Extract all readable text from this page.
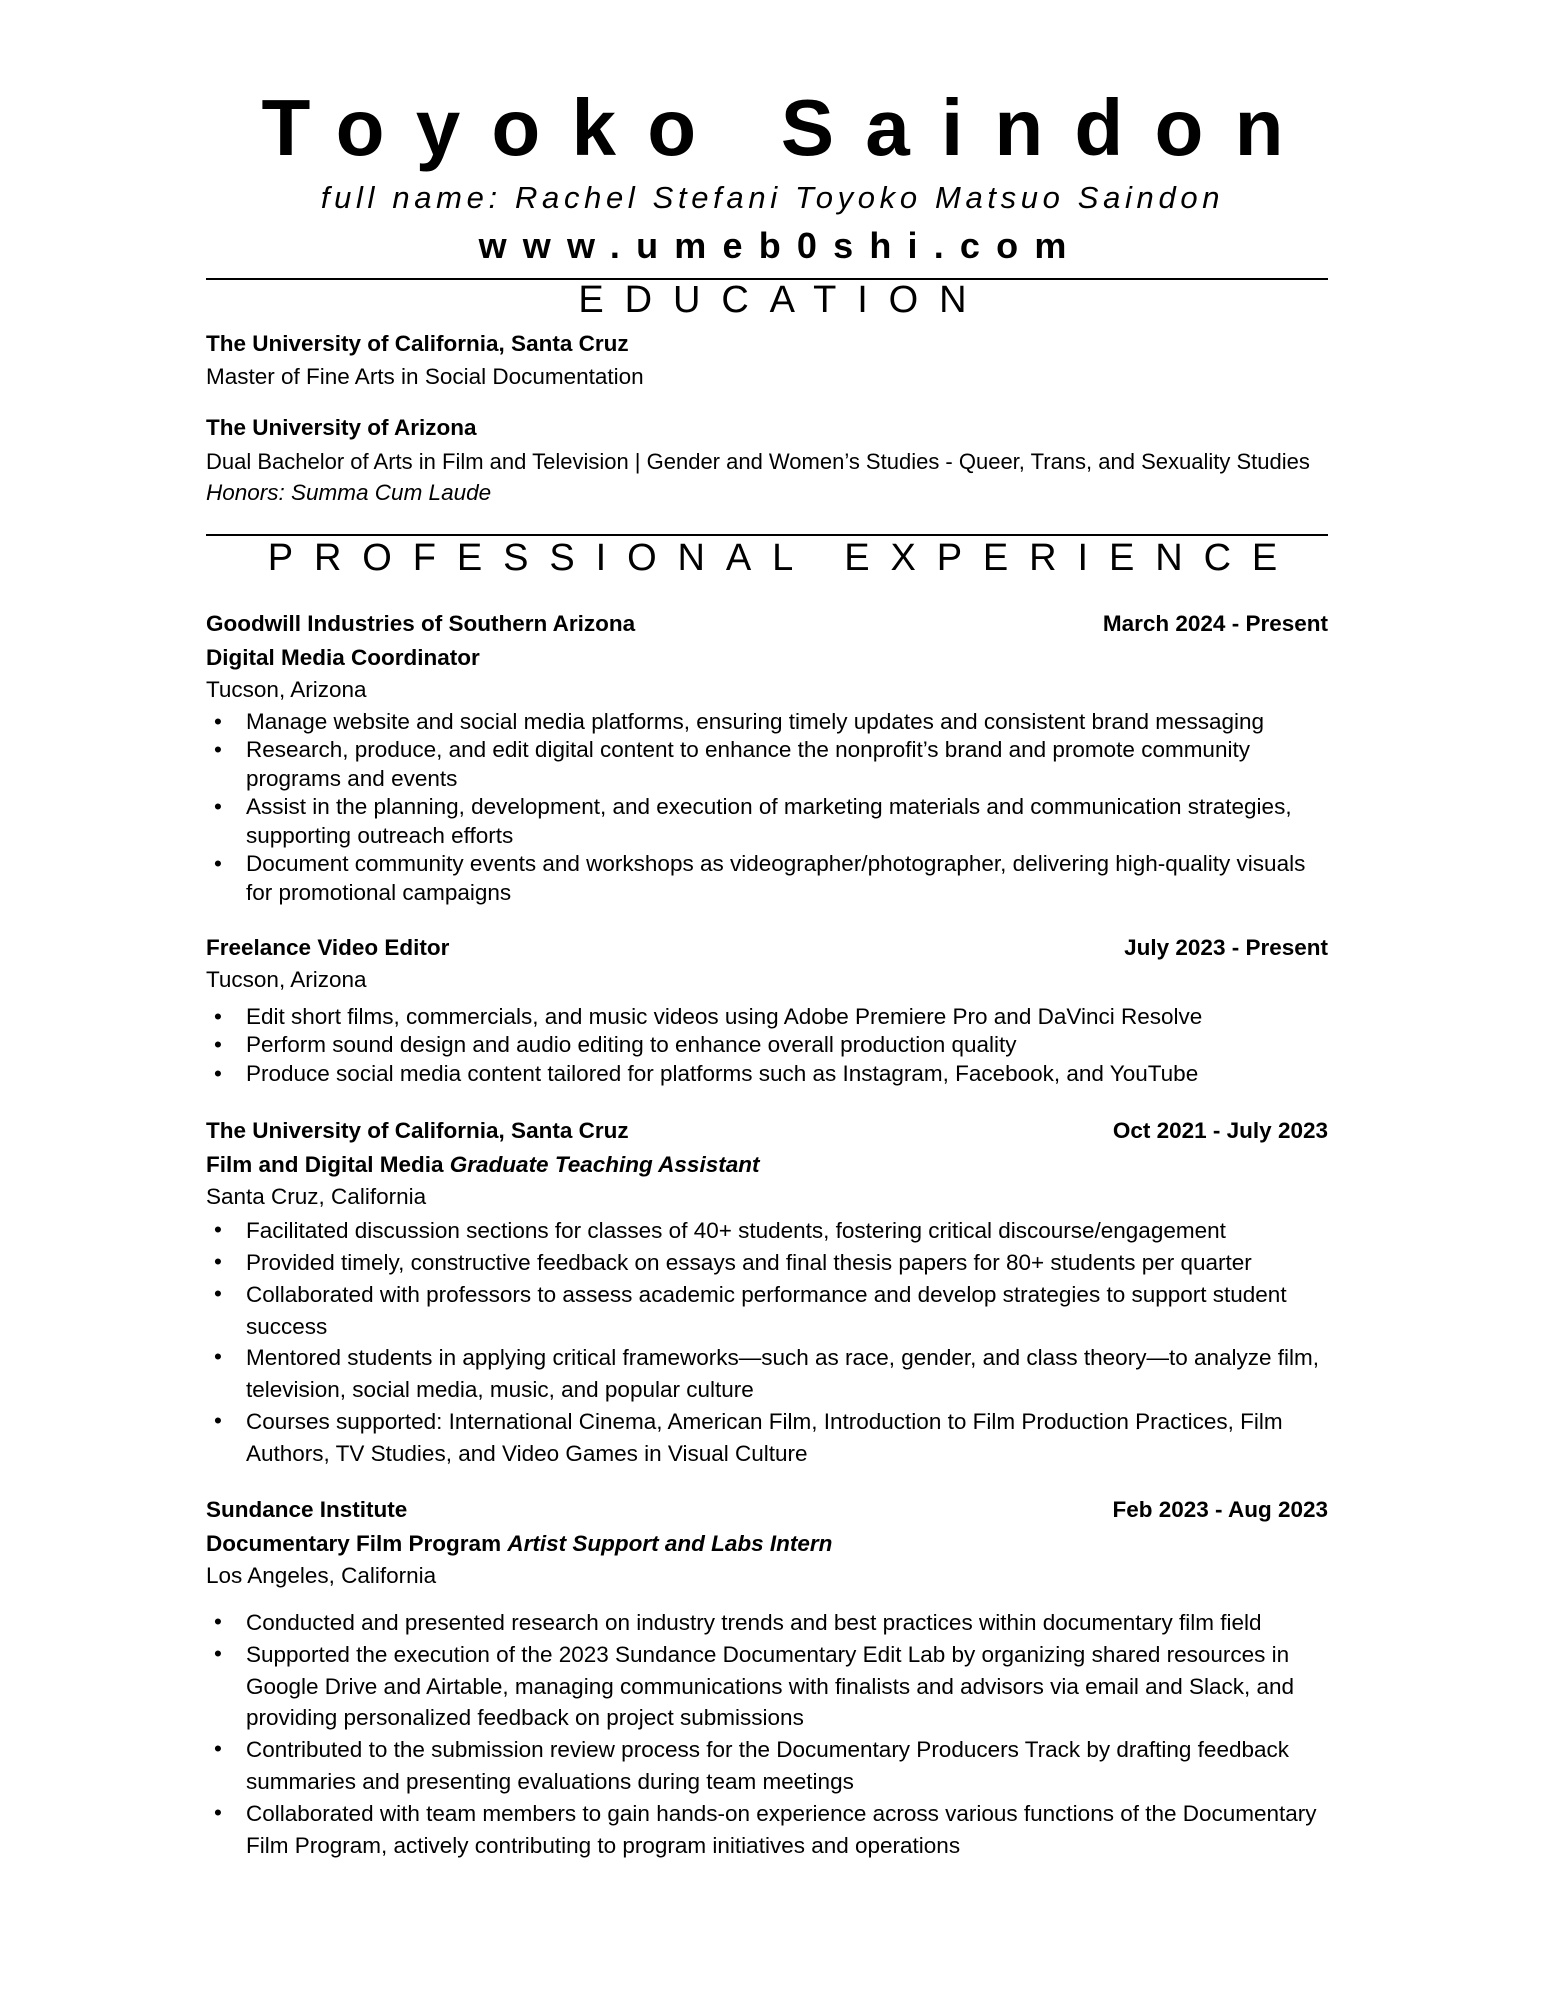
Toyoko Saindon
full name: Rachel Stefani Toyoko Matsuo Saindon
www.umeb0shi.com
EDUCATION
The University of California, Santa Cruz
Master of Fine Arts in Social Documentation
The University of Arizona
Dual Bachelor of Arts in Film and Television | Gender and Women’s Studies - Queer, Trans, and Sexuality Studies
Honors: Summa Cum Laude
PROFESSIONAL EXPERIENCE
Goodwill Industries of Southern Arizona	March 2024 - Present
Digital Media Coordinator
Tucson, Arizona
• Manage website and social media platforms, ensuring timely updates and consistent brand messaging
• Research, produce, and edit digital content to enhance the nonprofit’s brand and promote community programs and events
• Assist in the planning, development, and execution of marketing materials and communication strategies, supporting outreach efforts
• Document community events and workshops as videographer/photographer, delivering high-quality visuals for promotional campaigns
Freelance Video Editor	July 2023 - Present
Tucson, Arizona
• Edit short films, commercials, and music videos using Adobe Premiere Pro and DaVinci Resolve
• Perform sound design and audio editing to enhance overall production quality
• Produce social media content tailored for platforms such as Instagram, Facebook, and YouTube
The University of California, Santa Cruz	Oct 2021 - July 2023
Film and Digital Media Graduate Teaching Assistant
Santa Cruz, California
• Facilitated discussion sections for classes of 40+ students, fostering critical discourse/engagement
• Provided timely, constructive feedback on essays and final thesis papers for 80+ students per quarter
• Collaborated with professors to assess academic performance and develop strategies to support student success
• Mentored students in applying critical frameworks—such as race, gender, and class theory—to analyze film, television, social media, music, and popular culture
• Courses supported: International Cinema, American Film, Introduction to Film Production Practices, Film Authors, TV Studies, and Video Games in Visual Culture
Sundance Institute	Feb 2023 - Aug 2023
Documentary Film Program Artist Support and Labs Intern
Los Angeles, California
• Conducted and presented research on industry trends and best practices within documentary film field
• Supported the execution of the 2023 Sundance Documentary Edit Lab by organizing shared resources in Google Drive and Airtable, managing communications with finalists and advisors via email and Slack, and providing personalized feedback on project submissions
• Contributed to the submission review process for the Documentary Producers Track by drafting feedback summaries and presenting evaluations during team meetings
• Collaborated with team members to gain hands-on experience across various functions of the Documentary Film Program, actively contributing to program initiatives and operations
